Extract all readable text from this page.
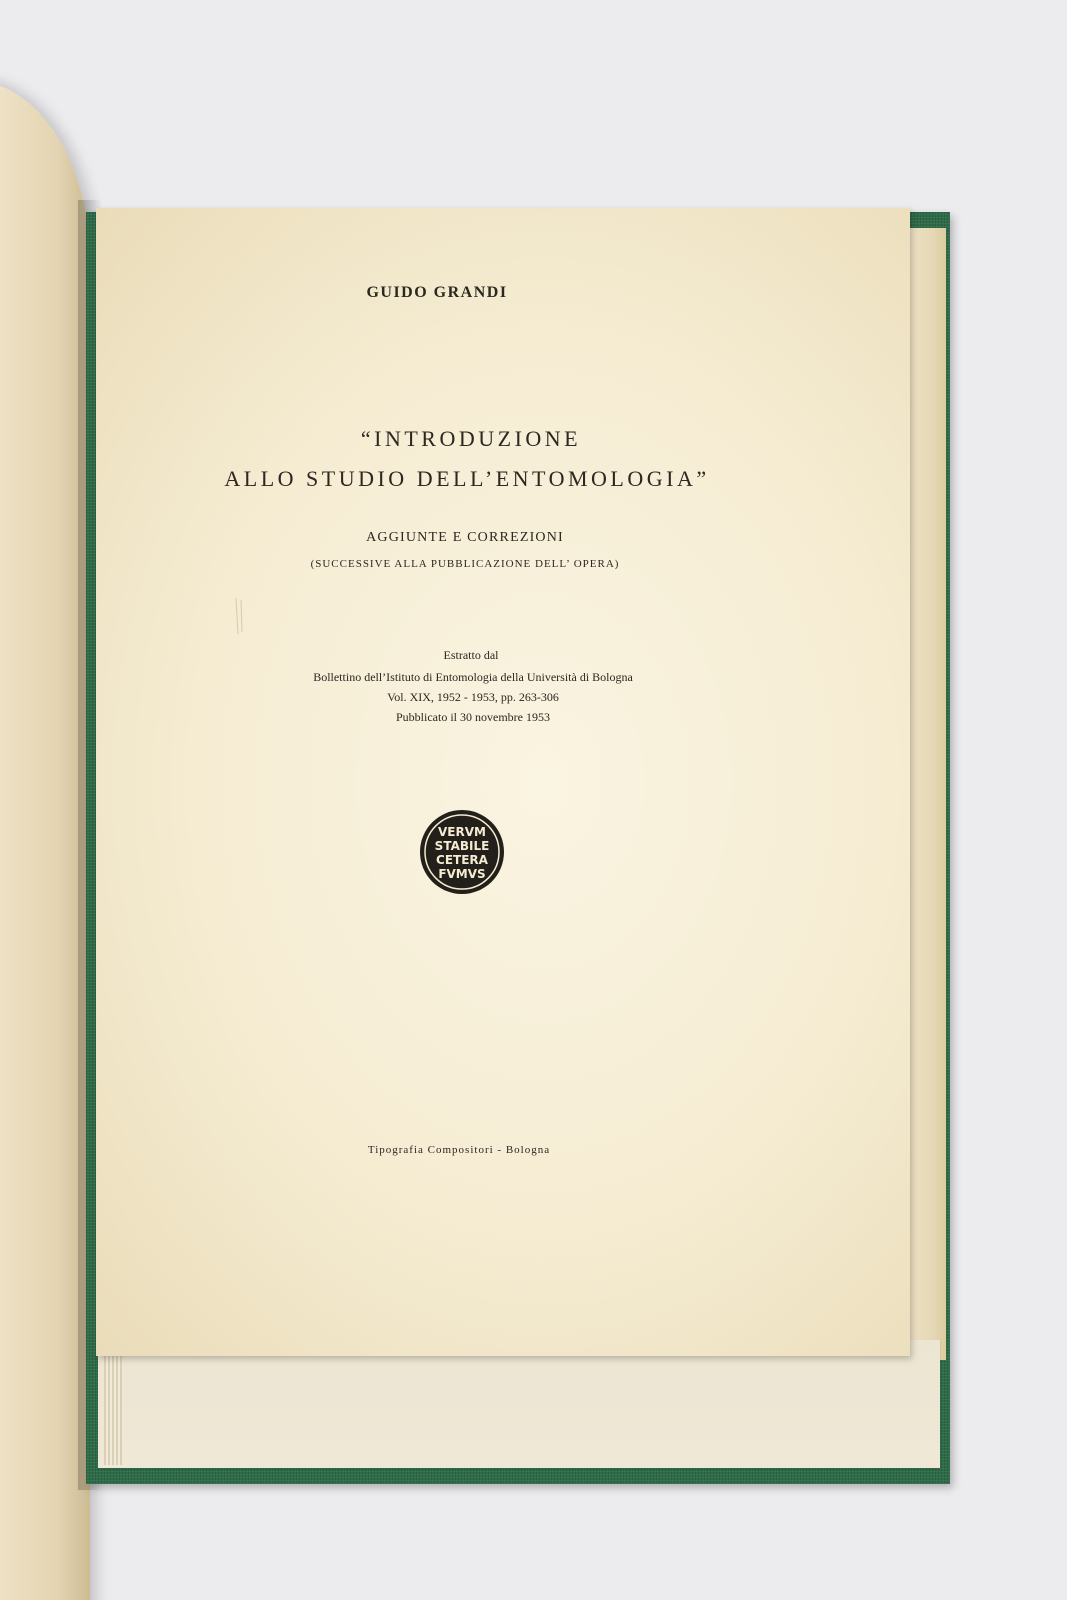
GUIDO GRANDI
“INTRODUZIONE
ALLO STUDIO DELL’ENTOMOLOGIA”
AGGIUNTE E CORREZIONI
(SUCCESSIVE ALLA PUBBLICAZIONE DELL’ OPERA)
Estratto dal
Bollettino dell’Istituto di Entomologia della Università di Bologna
Vol. XIX, 1952 - 1953, pp. 263-306
Pubblicato il 30 novembre 1953
VERVM
STABILE
CETERA
FVMVS
Tipografia Compositori - Bologna
